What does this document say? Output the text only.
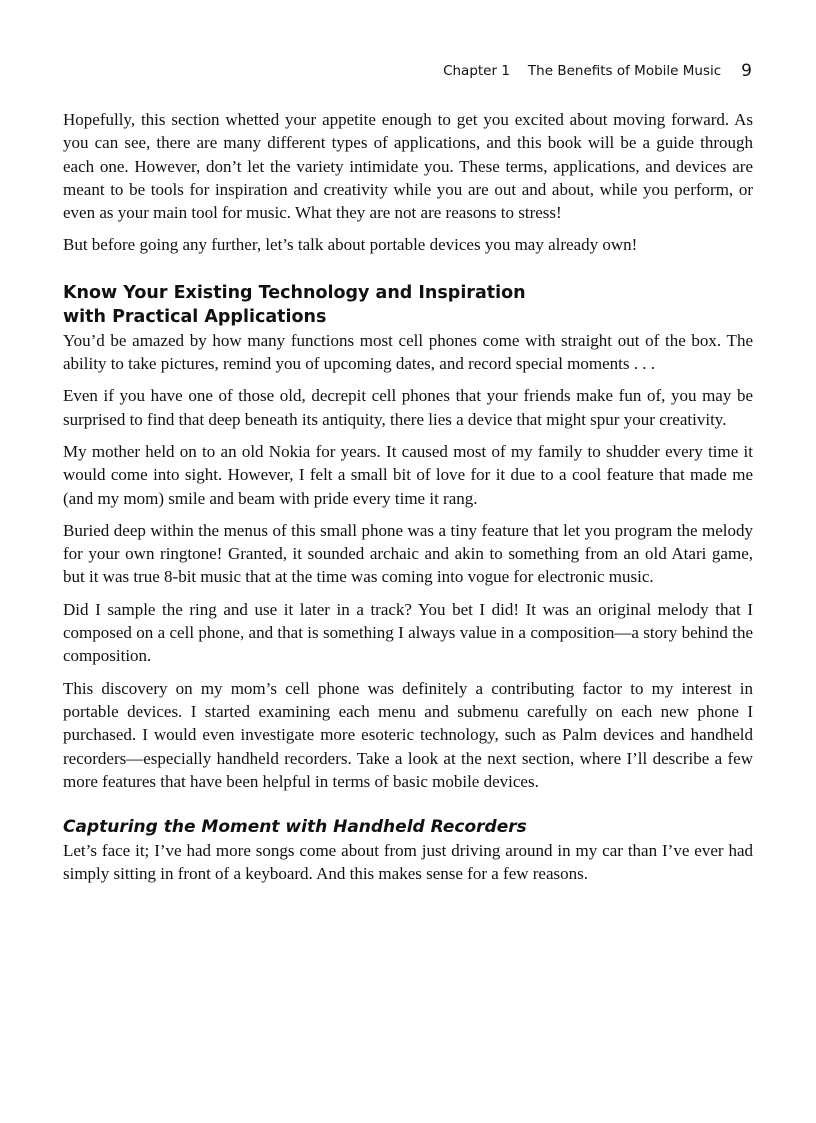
Chapter 1 The Benefits of Mobile Music 9

Hopefully, this section whetted your appetite enough to get you excited about moving forward. As you can see, there are many different types of applications, and this book will be a guide through each one. However, don’t let the variety intimidate you. These terms, applications, and devices are meant to be tools for inspiration and creativity while you are out and about, while you perform, or even as your main tool for music. What they are not are reasons to stress!

But before going any further, let’s talk about portable devices you may already own!

Know Your Existing Technology and Inspiration
with Practical Applications

You’d be amazed by how many functions most cell phones come with straight out of the box. The ability to take pictures, remind you of upcoming dates, and record special moments . . .

Even if you have one of those old, decrepit cell phones that your friends make fun of, you may be surprised to find that deep beneath its antiquity, there lies a device that might spur your creativity.

My mother held on to an old Nokia for years. It caused most of my family to shudder every time it would come into sight. However, I felt a small bit of love for it due to a cool feature that made me (and my mom) smile and beam with pride every time it rang.

Buried deep within the menus of this small phone was a tiny feature that let you program the melody for your own ringtone! Granted, it sounded archaic and akin to something from an old Atari game, but it was true 8-bit music that at the time was coming into vogue for electronic music.

Did I sample the ring and use it later in a track? You bet I did! It was an original melody that I composed on a cell phone, and that is something I always value in a composition—a story behind the composition.

This discovery on my mom’s cell phone was definitely a contributing factor to my interest in portable devices. I started examining each menu and submenu carefully on each new phone I purchased. I would even investigate more esoteric technology, such as Palm devices and handheld recorders—especially handheld recorders. Take a look at the next section, where I’ll describe a few more features that have been helpful in terms of basic mobile devices.

Capturing the Moment with Handheld Recorders

Let’s face it; I’ve had more songs come about from just driving around in my car than I’ve ever had simply sitting in front of a keyboard. And this makes sense for a few reasons.
